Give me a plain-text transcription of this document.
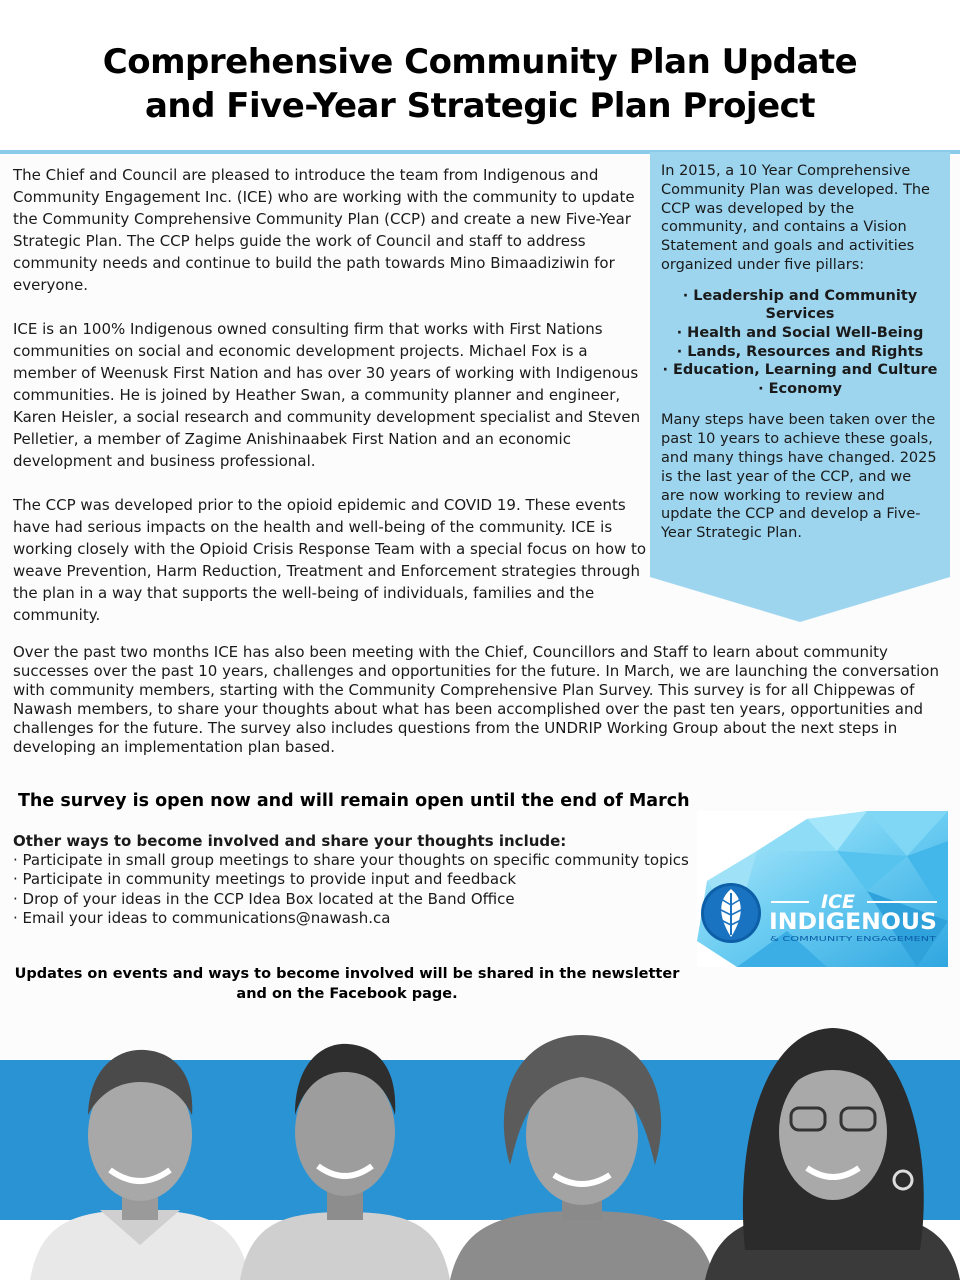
Comprehensive Community Plan Update
and Five-Year Strategic Plan Project

The Chief and Council are pleased to introduce the team from Indigenous and Community Engagement Inc. (ICE) who are working with the community to update the Community Comprehensive Community Plan (CCP) and create a new Five-Year Strategic Plan. The CCP helps guide the work of Council and staff to address community needs and continue to build the path towards Mino Bimaadiziwin for everyone.

ICE is an 100% Indigenous owned consulting firm that works with First Nations communities on social and economic development projects. Michael Fox is a member of Weenusk First Nation and has over 30 years of working with Indigenous communities. He is joined by Heather Swan, a community planner and engineer, Karen Heisler, a social research and community development specialist and Steven Pelletier, a member of Zagime Anishinaabek First Nation and an economic development and business professional.

The CCP was developed prior to the opioid epidemic and COVID 19. These events have had serious impacts on the health and well-being of the community. ICE is working closely with the Opioid Crisis Response Team with a special focus on how to weave Prevention, Harm Reduction, Treatment and Enforcement strategies through the plan in a way that supports the well-being of individuals, families and the community.

In 2015, a 10 Year Comprehensive Community Plan was developed. The CCP was developed by the community, and contains a Vision Statement and goals and activities organized under five pillars:

· Leadership and Community Services
· Health and Social Well-Being
· Lands, Resources and Rights
· Education, Learning and Culture
· Economy

Many steps have been taken over the past 10 years to achieve these goals, and many things have changed. 2025 is the last year of the CCP, and we are now working to review and update the CCP and develop a Five-Year Strategic Plan.

Over the past two months ICE has also been meeting with the Chief, Councillors and Staff to learn about community successes over the past 10 years, challenges and opportunities for the future. In March, we are launching the conversation with community members, starting with the Community Comprehensive Plan Survey. This survey is for all Chippewas of Nawash members, to share your thoughts about what has been accomplished over the past ten years, opportunities and challenges for the future. The survey also includes questions from the UNDRIP Working Group about the next steps in developing an implementation plan based.

The survey is open now and will remain open until the end of March

Other ways to become involved and share your thoughts include:

· Participate in small group meetings to share your thoughts on specific community topics
· Participate in community meetings to provide input and feedback
· Drop of your ideas in the CCP Idea Box located at the Band Office
· Email your ideas to communications@nawash.ca
Updates on events and ways to become involved will be shared in the newsletter
and on the Facebook page.
ICE
INDIGENOUS
& COMMUNITY ENGAGEMENT
